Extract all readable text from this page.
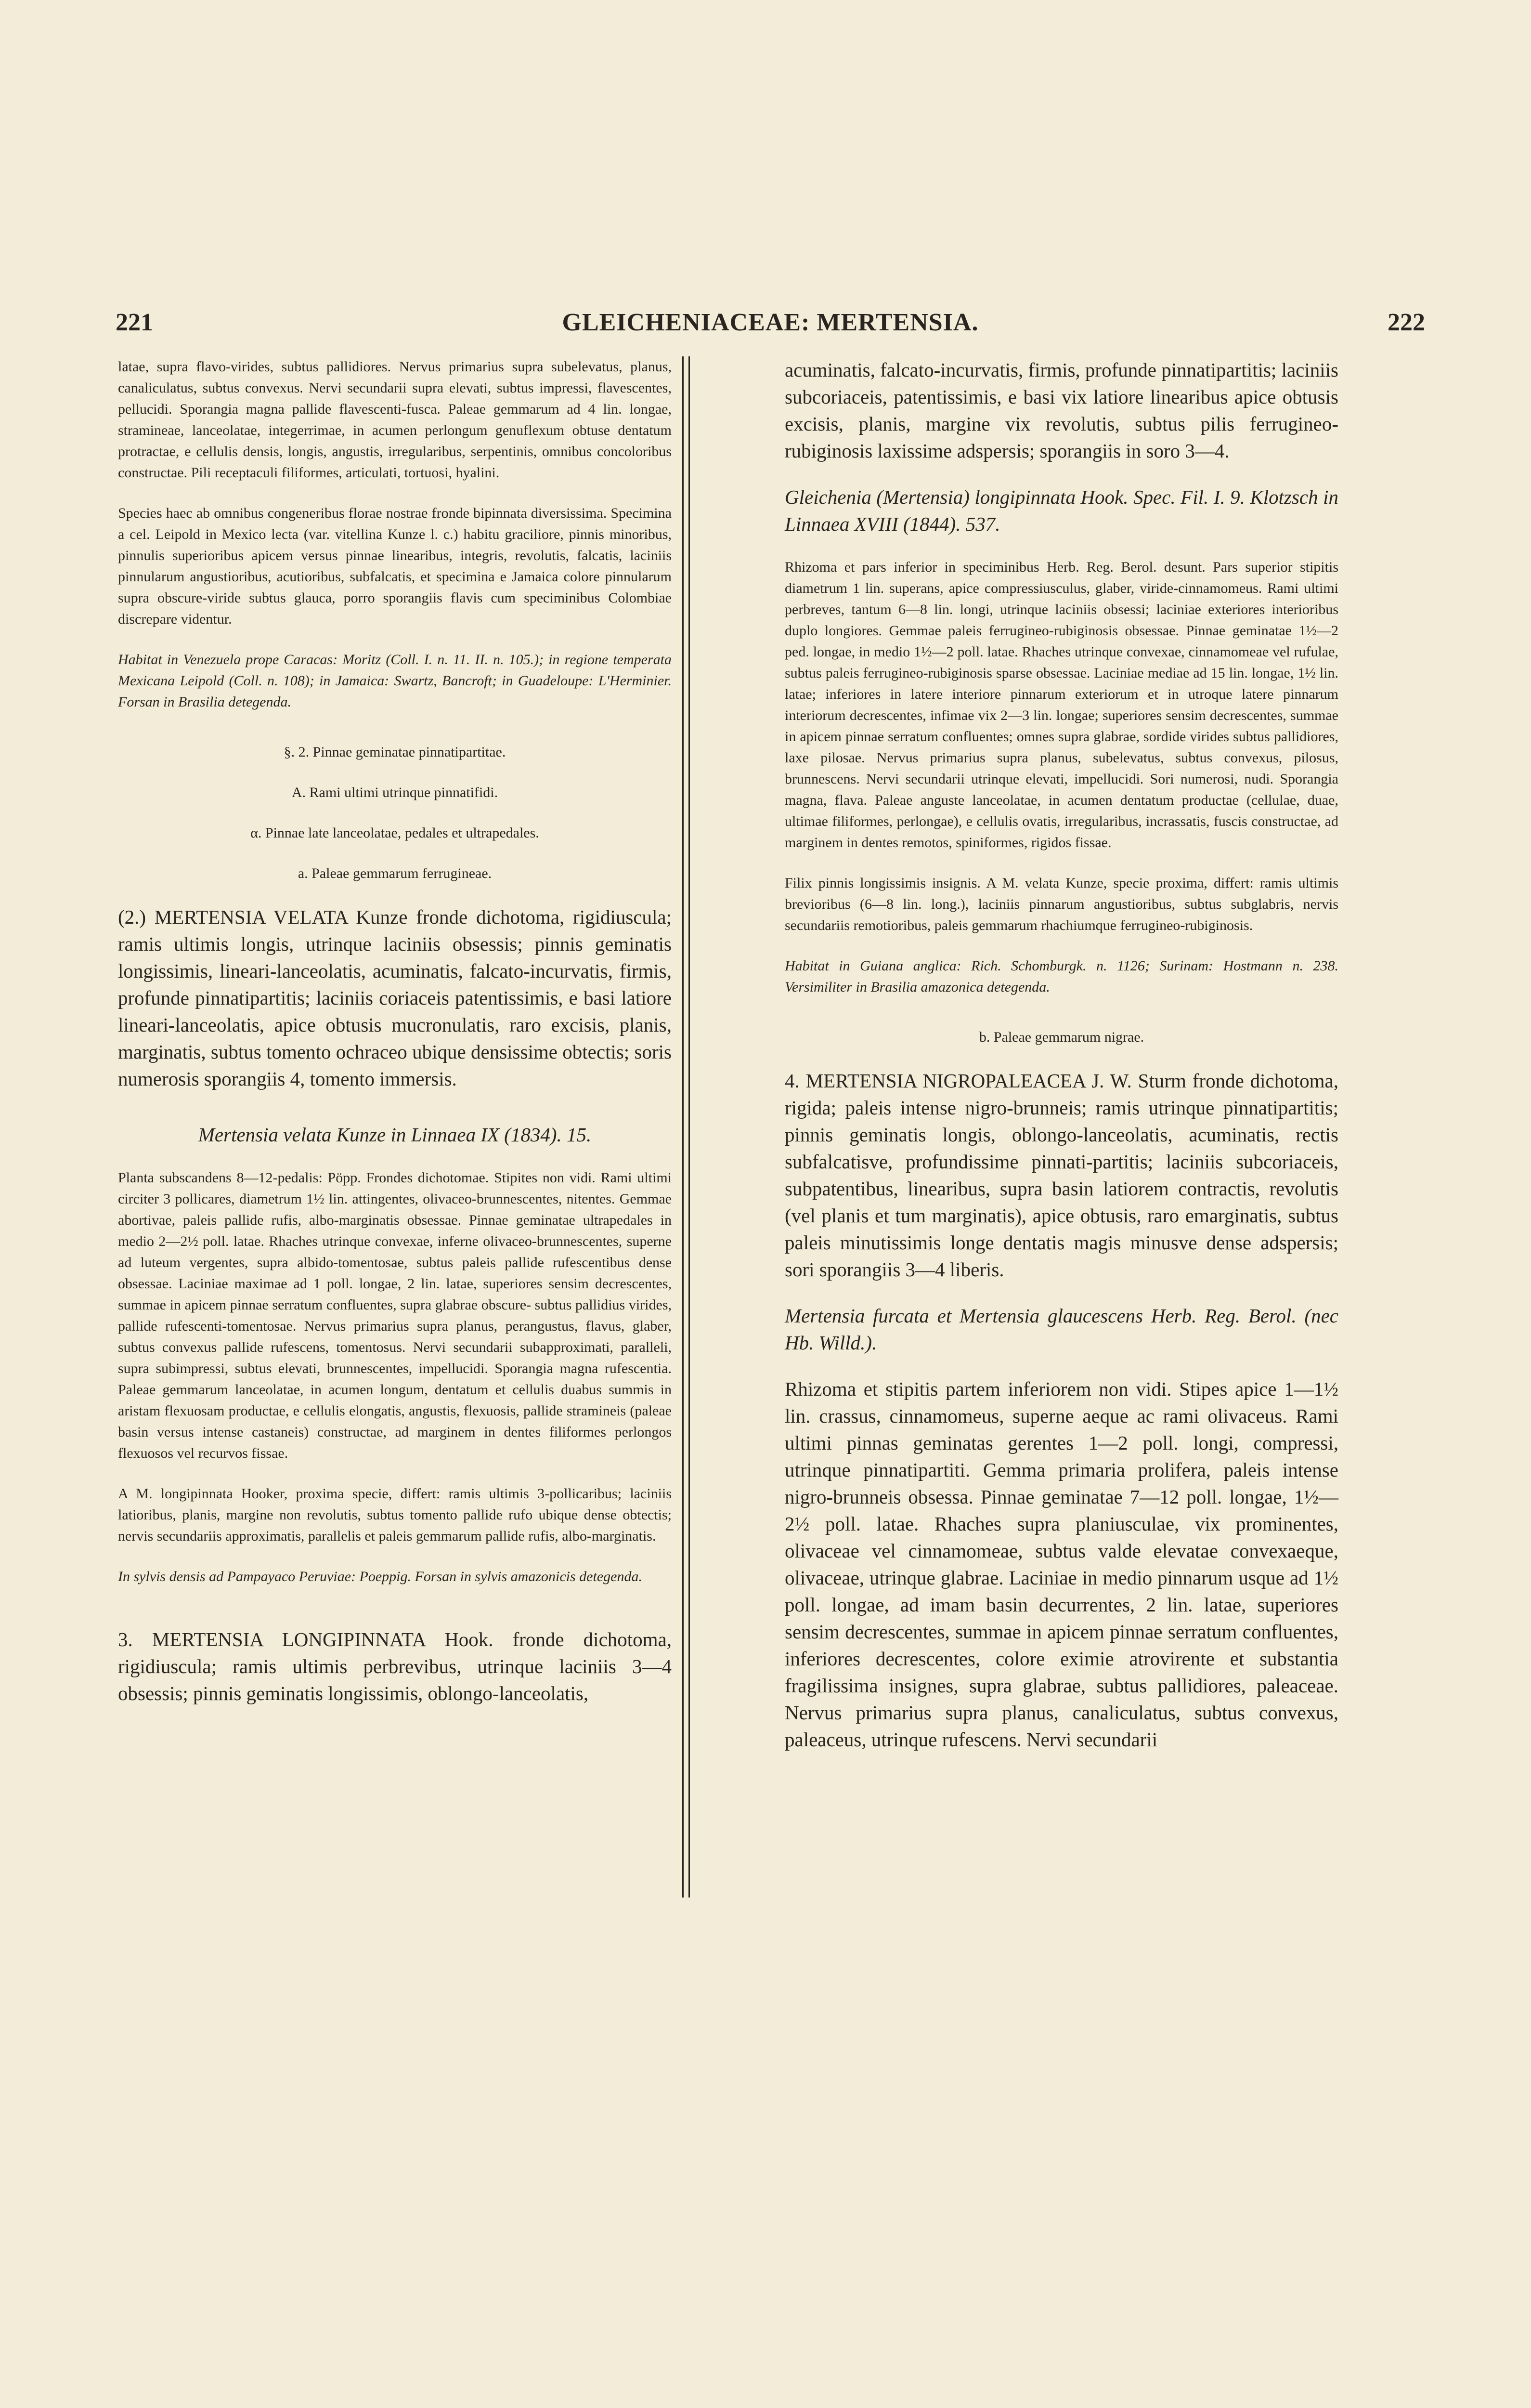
221	GLEICHENIACEAE: MERTENSIA.	222

latae, supra flavo-virides, subtus pallidiores. Nervus primarius supra subelevatus, planus, canaliculatus, subtus convexus. Nervi secundarii supra elevati, subtus impressi, flavescentes, pellucidi. Sporangia magna pallide flavescenti-fusca. Paleae gemmarum ad 4 lin. longae, stramineae, lanceolatae, integerrimae, in acumen perlongum genuflexum obtuse dentatum protractae, e cellulis densis, longis, angustis, irregularibus, serpentinis, omnibus concoloribus constructae. Pili receptaculi filiformes, articulati, tortuosi, hyalini.

Species haec ab omnibus congeneribus florae nostrae fronde bipinnata diversissima. Specimina a cel. Leipold in Mexico lecta (var. vitellina Kunze l. c.) habitu graciliore, pinnis minoribus, pinnulis superioribus apicem versus pinnae linearibus, integris, revolutis, falcatis, laciniis pinnularum angustioribus, acutioribus, subfalcatis, et specimina e Jamaica colore pinnularum supra obscure-viride subtus glauca, porro sporangiis flavis cum speciminibus Colombiae discrepare videntur.

Habitat in Venezuela prope Caracas: Moritz (Coll. I. n. 11. II. n. 105.); in regione temperata Mexicana Leipold (Coll. n. 108); in Jamaica: Swartz, Bancroft; in Guadeloupe: L'Herminier. Forsan in Brasilia detegenda.

§. 2. Pinnae geminatae pinnatipartitae.

A. Rami ultimi utrinque pinnatifidi.

α. Pinnae late lanceolatae, pedales et ultrapedales.

a. Paleae gemmarum ferrugineae.

(2.) MERTENSIA VELATA Kunze fronde dichotoma, rigidiuscula; ramis ultimis longis, utrinque laciniis obsessis; pinnis geminatis longissimis, lineari-lanceolatis, acuminatis, falcato-incurvatis, firmis, profunde pinnatipartitis; laciniis coriaceis patentissimis, e basi latiore lineari-lanceolatis, apice obtusis mucronulatis, raro excisis, planis, marginatis, subtus tomento ochraceo ubique densissime obtectis; soris numerosis sporangiis 4, tomento immersis.

Mertensia velata Kunze in Linnaea IX (1834). 15.

Planta subscandens 8—12-pedalis: Pöpp. Frondes dichotomae. Stipites non vidi. Rami ultimi circiter 3 pollicares, diametrum 1½ lin. attingentes, olivaceo-brunnescentes, nitentes. Gemmae abortivae, paleis pallide rufis, albo-marginatis obsessae. Pinnae geminatae ultrapedales in medio 2—2½ poll. latae. Rhaches utrinque convexae, inferne olivaceo-brunnescentes, superne ad luteum vergentes, supra albido-tomentosae, subtus paleis pallide rufescentibus dense obsessae. Laciniae maximae ad 1 poll. longae, 2 lin. latae, superiores sensim decrescentes, summae in apicem pinnae serratum confluentes, supra glabrae obscure- subtus pallidius virides, pallide rufescenti-tomentosae. Nervus primarius supra planus, perangustus, flavus, glaber, subtus convexus pallide rufescens, tomentosus. Nervi secundarii subapproximati, paralleli, supra subimpressi, subtus elevati, brunnescentes, impellucidi. Sporangia magna rufescentia. Paleae gemmarum lanceolatae, in acumen longum, dentatum et cellulis duabus summis in aristam flexuosam productae, e cellulis elongatis, angustis, flexuosis, pallide stramineis (paleae basin versus intense castaneis) constructae, ad marginem in dentes filiformes perlongos flexuosos vel recurvos fissae.

A M. longipinnata Hooker, proxima specie, differt: ramis ultimis 3-pollicaribus; laciniis latioribus, planis, margine non revolutis, subtus tomento pallide rufo ubique dense obtectis; nervis secundariis approximatis, parallelis et paleis gemmarum pallide rufis, albo-marginatis.

In sylvis densis ad Pampayaco Peruviae: Poeppig. Forsan in sylvis amazonicis detegenda.

3. MERTENSIA LONGIPINNATA Hook. fronde dichotoma, rigidiuscula; ramis ultimis perbrevibus, utrinque laciniis 3—4 obsessis; pinnis geminatis longissimis, oblongo-lanceolatis,

acuminatis, falcato-incurvatis, firmis, profunde pinnatipartitis; laciniis subcoriaceis, patentissimis, e basi vix latiore linearibus apice obtusis excisis, planis, margine vix revolutis, subtus pilis ferrugineo-rubiginosis laxissime adspersis; sporangiis in soro 3—4.

Gleichenia (Mertensia) longipinnata Hook. Spec. Fil. I. 9. Klotzsch in Linnaea XVIII (1844). 537.

Rhizoma et pars inferior in speciminibus Herb. Reg. Berol. desunt. Pars superior stipitis diametrum 1 lin. superans, apice compressiusculus, glaber, viride-cinnamomeus. Rami ultimi perbreves, tantum 6—8 lin. longi, utrinque laciniis obsessi; laciniae exteriores interioribus duplo longiores. Gemmae paleis ferrugineo-rubiginosis obsessae. Pinnae geminatae 1½—2 ped. longae, in medio 1½—2 poll. latae. Rhaches utrinque convexae, cinnamomeae vel rufulae, subtus paleis ferrugineo-rubiginosis sparse obsessae. Laciniae mediae ad 15 lin. longae, 1½ lin. latae; inferiores in latere interiore pinnarum exteriorum et in utroque latere pinnarum interiorum decrescentes, infimae vix 2—3 lin. longae; superiores sensim decrescentes, summae in apicem pinnae serratum confluentes; omnes supra glabrae, sordide virides subtus pallidiores, laxe pilosae. Nervus primarius supra planus, subelevatus, subtus convexus, pilosus, brunnescens. Nervi secundarii utrinque elevati, impellucidi. Sori numerosi, nudi. Sporangia magna, flava. Paleae anguste lanceolatae, in acumen dentatum productae (cellulae, duae, ultimae filiformes, perlongae), e cellulis ovatis, irregularibus, incrassatis, fuscis constructae, ad marginem in dentes remotos, spiniformes, rigidos fissae.

Filix pinnis longissimis insignis. A M. velata Kunze, specie proxima, differt: ramis ultimis brevioribus (6—8 lin. long.), laciniis pinnarum angustioribus, subtus subglabris, nervis secundariis remotioribus, paleis gemmarum rhachiumque ferrugineo-rubiginosis.

Habitat in Guiana anglica: Rich. Schomburgk. n. 1126; Surinam: Hostmann n. 238. Versimiliter in Brasilia amazonica detegenda.

b. Paleae gemmarum nigrae.

4. MERTENSIA NIGROPALEACEA J. W. Sturm fronde dichotoma, rigida; paleis intense nigro-brunneis; ramis utrinque pinnatipartitis; pinnis geminatis longis, oblongo-lanceolatis, acuminatis, rectis subfalcatisve, profundissime pinnati-partitis; laciniis subcoriaceis, subpatentibus, linearibus, supra basin latiorem contractis, revolutis (vel planis et tum marginatis), apice obtusis, raro emarginatis, subtus paleis minutissimis longe dentatis magis minusve dense adspersis; sori sporangiis 3—4 liberis.

Mertensia furcata et Mertensia glaucescens Herb. Reg. Berol. (nec Hb. Willd.).

Rhizoma et stipitis partem inferiorem non vidi. Stipes apice 1—1½ lin. crassus, cinnamomeus, superne aeque ac rami olivaceus. Rami ultimi pinnas geminatas gerentes 1—2 poll. longi, compressi, utrinque pinnatipartiti. Gemma primaria prolifera, paleis intense nigro-brunneis obsessa. Pinnae geminatae 7—12 poll. longae, 1½—2½ poll. latae. Rhaches supra planiusculae, vix prominentes, olivaceae vel cinnamomeae, subtus valde elevatae convexaeque, olivaceae, utrinque glabrae. Laciniae in medio pinnarum usque ad 1½ poll. longae, ad imam basin decurrentes, 2 lin. latae, superiores sensim decrescentes, summae in apicem pinnae serratum confluentes, inferiores decrescentes, colore eximie atrovirente et substantia fragilissima insignes, supra glabrae, subtus pallidiores, paleaceae. Nervus primarius supra planus, canaliculatus, subtus convexus, paleaceus, utrinque rufescens. Nervi secundarii
